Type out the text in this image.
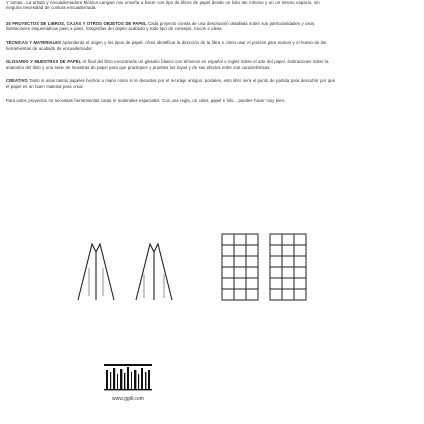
Y tomas.. La artista y encuadernadora Mónica Langwe nos enseña a hacer con tipo de libros de papel desde un folio tan mínimo y en un mismo espacio, sin ninguna necesidad de costura encuadernada.

25 PROYECTOS DE LIBROS, CAJAS Y OTROS OBJETOS DE PAPEL Cada proyecto consta de una descripción detallada sobre sus particularidades y usos, ilustraciones esquemáticas paso a paso, fotografías del objeto acabado y todo tipo de consejos, trucos e ideas.

TÉCNICAS Y MATERIALES Aprenderás el origen y los tipos de papel, cómo identificar la dirección de la fibra o cómo usar el punzón para marcar y el hueso de las herramientas de acabado de encuadernador.

GLOSARIO Y MUESTRAS DE PAPEL Al final del libro encontrarás un glosario básico con términos en español e inglés sobre el arte del papel, ilustraciones sobre la anatomía del libro y una serie de muestras de papel para que practiques y pruebes los tuyos y de sus efectos entre sus características.

CREATIVO Tanto si usas tantos papeles hechos a mano como si te decantas por el reciclaje antiguo, postales, esto libro será el punto de partida para descubrir por qué el papel es un buen material para crear.

Para estos proyectos no necesitas herramientas caras ni materiales especiales. Con una regla, un cúter, papel e hilo... puedes hacer muy bien.

www.ggili.com
